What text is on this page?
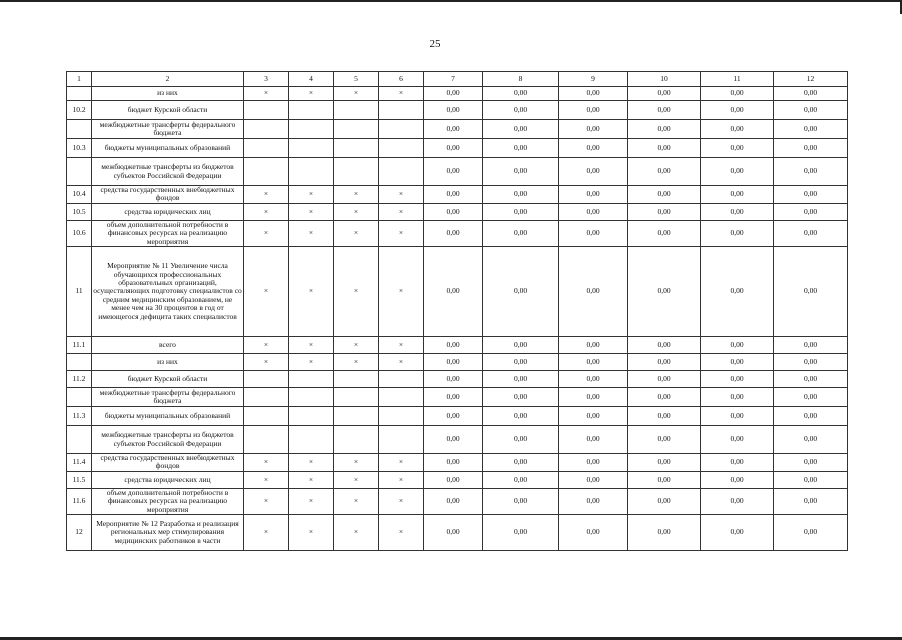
25
1	2	3	4	5	6	7	8	9	10	11	12
	из них	×	×	×	×	0,00	0,00	0,00	0,00	0,00	0,00
10.2	бюджет Курской области					0,00	0,00	0,00	0,00	0,00	0,00
	межбюджетные трансферты федерального бюджета					0,00	0,00	0,00	0,00	0,00	0,00
10.3	бюджеты муниципальных образований					0,00	0,00	0,00	0,00	0,00	0,00
	межбюджетные трансферты из бюджетов субъектов Российской Федерации					0,00	0,00	0,00	0,00	0,00	0,00
10.4	средства государственных внебюджетных фондов	×	×	×	×	0,00	0,00	0,00	0,00	0,00	0,00
10.5	средства юридических лиц	×	×	×	×	0,00	0,00	0,00	0,00	0,00	0,00
10.6	объем дополнительной потребности в финансовых ресурсах на реализацию мероприятия	×	×	×	×	0,00	0,00	0,00	0,00	0,00	0,00
11	Мероприятие № 11 Увеличение числа обучающихся профессиональных образовательных организаций, осуществляющих подготовку специалистов со средним медицинским образованием, не менее чем на 30 процентов в год от имеющегося дефицита таких специалистов	×	×	×	×	0,00	0,00	0,00	0,00	0,00	0,00
11.1	всего	×	×	×	×	0,00	0,00	0,00	0,00	0,00	0,00
	из них	×	×	×	×	0,00	0,00	0,00	0,00	0,00	0,00
11.2	бюджет Курской области					0,00	0,00	0,00	0,00	0,00	0,00
	межбюджетные трансферты федерального бюджета					0,00	0,00	0,00	0,00	0,00	0,00
11.3	бюджеты муниципальных образований					0,00	0,00	0,00	0,00	0,00	0,00
	межбюджетные трансферты из бюджетов субъектов Российской Федерации					0,00	0,00	0,00	0,00	0,00	0,00
11.4	средства государственных внебюджетных фондов	×	×	×	×	0,00	0,00	0,00	0,00	0,00	0,00
11.5	средства юридических лиц	×	×	×	×	0,00	0,00	0,00	0,00	0,00	0,00
11.6	объем дополнительной потребности в финансовых ресурсах на реализацию мероприятия	×	×	×	×	0,00	0,00	0,00	0,00	0,00	0,00
12	Мероприятие № 12 Разработка и реализация региональных мер стимулирования медицинских работников в части	×	×	×	×	0,00	0,00	0,00	0,00	0,00	0,00
